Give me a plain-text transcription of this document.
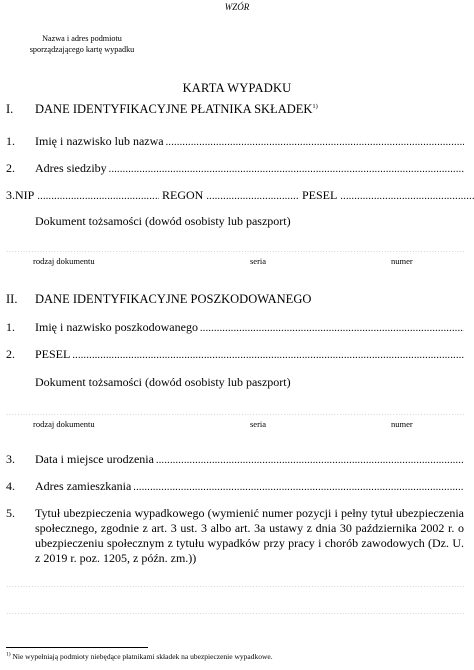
WZÓR
Nazwa i adres podmiotu
sporządzającego kartę wypadku
KARTA WYPADKU
I. DANE IDENTYFIKACYJNE PŁATNIKA SKŁADEK$^{1)}$
1. Imię i nazwisko lub nazwa
.....
2. Adres siedziby
.....
3. NIP .....	REGON .....	PESEL
.....
Dokument tożsamości (dowód osobisty lub paszport)
.....
rodzaj dokumentu	seria	numer
II. DANE IDENTYFIKACYJNE POSZKODOWANEGO
1. Imię i nazwisko poszkodowanego
.....
2. PESEL
.....
Dokument tożsamości (dowód osobisty lub paszport)
.....
rodzaj dokumentu	seria	numer
3. Data i miejsce urodzenia
.....
4. Adres zamieszkania
.....
5. Tytuł ubezpieczenia wypadkowego (wymienić numer pozycji i pełny tytuł ubezpieczenia społecznego, zgodnie z art. 3 ust. 3 albo art. 3a ustawy z dnia 30 października 2002 r. o ubezpieczeniu społecznym z tytułu wypadków przy pracy i chorób zawodowych (Dz. U. z 2019 r. poz. 1205, z późn. zm.))
.....
.....
$^{1)}$ Nie wypełniają podmioty niebędące płatnikami składek na ubezpieczenie wypadkowe.
